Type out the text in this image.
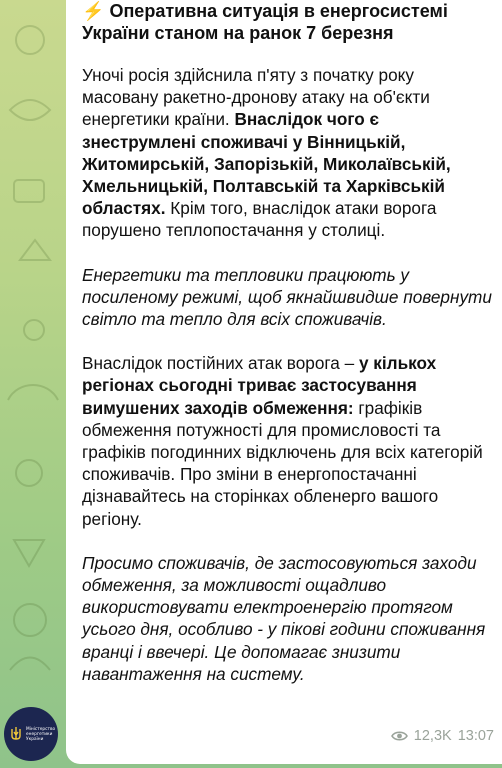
⚡️ Оперативна ситуація в енергосистемі України станом на ранок 7 березня
Уночі росія здійснила п'яту з початку року масовану ракетно-дронову атаку на об'єкти енергетики країни. Внаслідок чого є знеструмлені споживачі у Вінницькій, Житомирській, Запорізькій, Миколаївській, Хмельницькій, Полтавській та Харківській областях. Крім того, внаслідок атаки ворога порушено теплопостачання у столиці.
Енергетики та тепловики працюють у посиленому режимі, щоб якнайшвидше повернути світло та тепло для всіх споживачів.
Внаслідок постійних атак ворога – у кількох регіонах сьогодні триває застосування вимушених заходів обмеження: графіків обмеження потужності для промисловості та графіків погодинних відключень для всіх категорій споживачів. Про зміни в енергопостачанні дізнавайтесь на сторінках обленерго вашого регіону.
Просимо споживачів, де застосовуються заходи обмеження, за можливості ощадливо використовувати електроенергію протягом усього дня, особливо - у пікові години споживання вранці і ввечері. Це допомагає знизити навантаження на систему.
12,3K 13:07
Міністерство енергетики України
